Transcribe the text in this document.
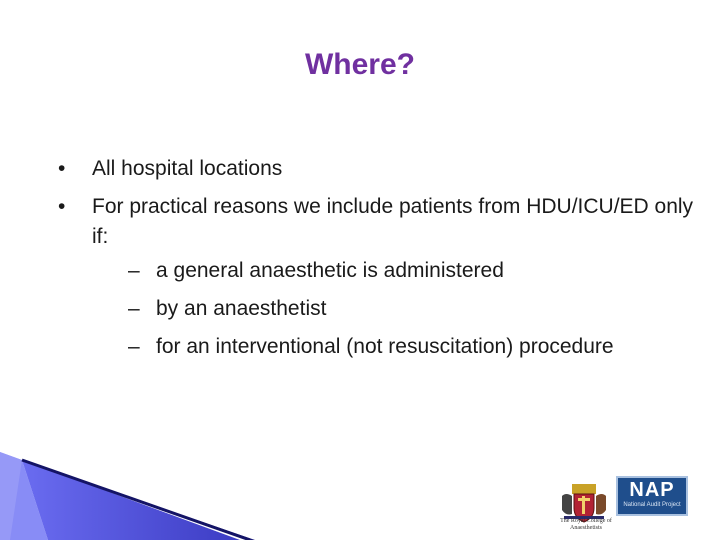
Where?
•	All hospital locations
•	For practical reasons we include patients from HDU/ICU/ED only if:
– a general anaesthetic is administered
– by an anaesthetist
– for an interventional (not resuscitation) procedure
The Royal College of Anaesthetists
NAP
National Audit Project
